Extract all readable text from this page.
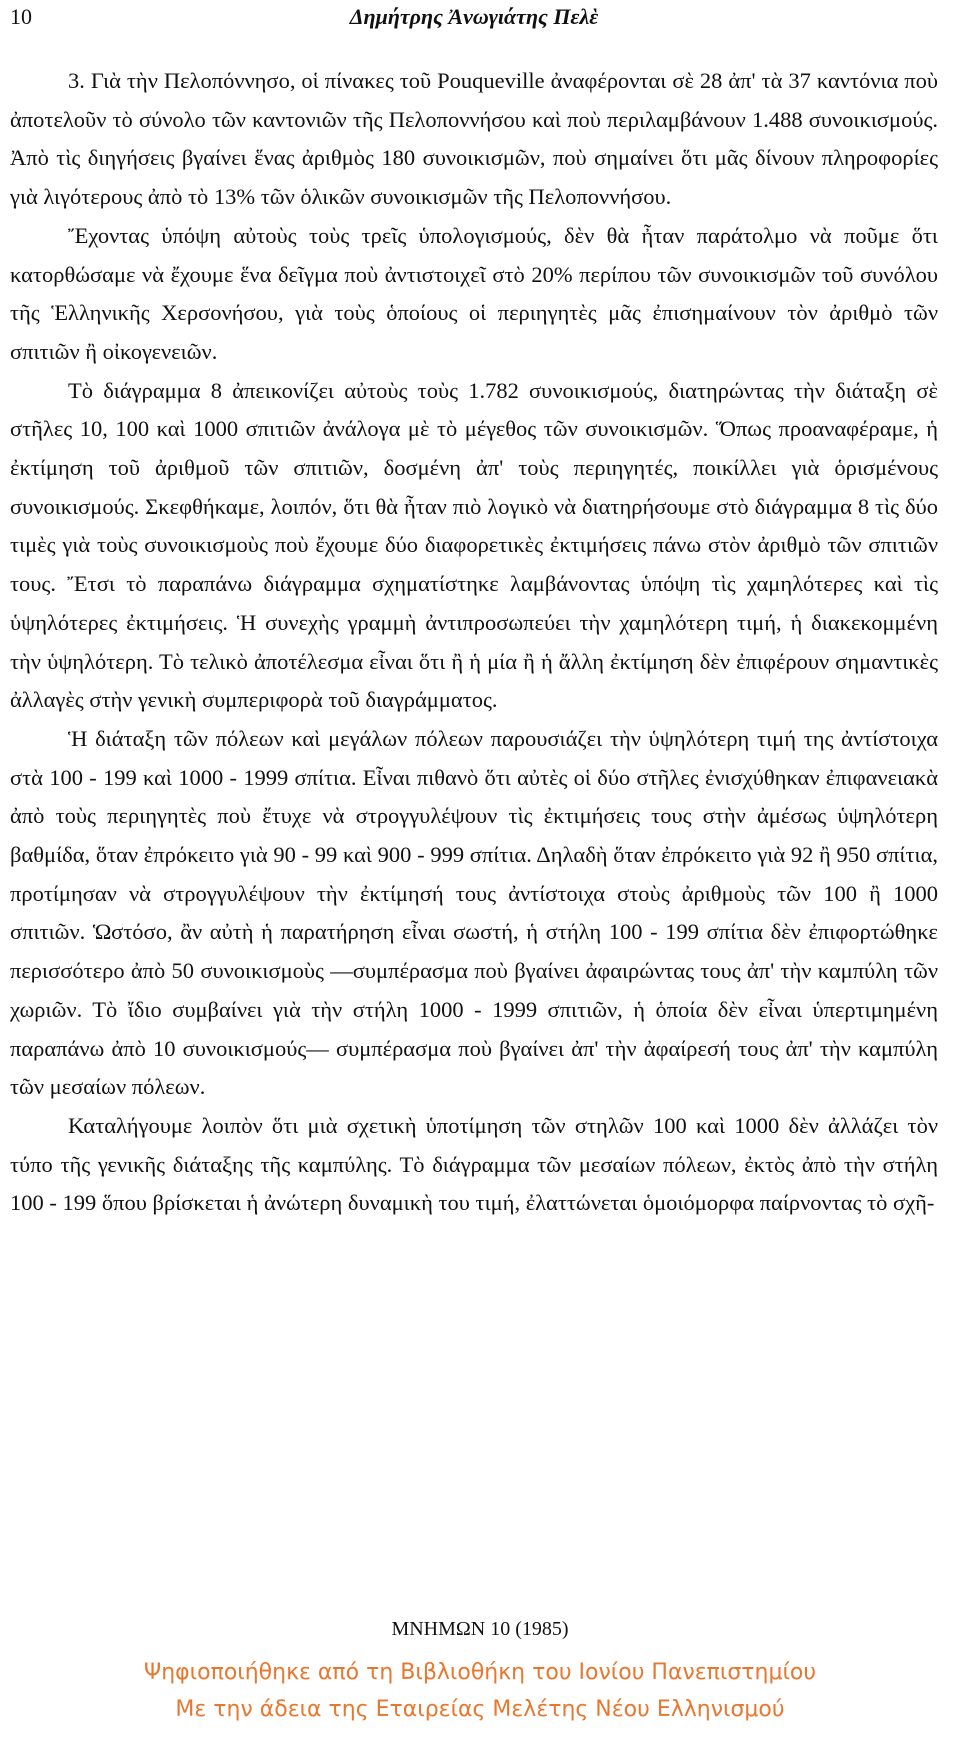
10	Δημήτρης Ἀνωγιάτης Πελὲ

3. Γιὰ τὴν Πελοπόννησο, οἱ πίνακες τοῦ Pouqueville ἀναφέρονται σὲ 28 ἀπ' τὰ 37 καντόνια ποὺ ἀποτελοῦν τὸ σύνολο τῶν καντονιῶν τῆς Πελοποννήσου καὶ ποὺ περιλαμβάνουν 1.488 συνοικισμούς. Ἀπὸ τὶς διηγήσεις βγαίνει ἕνας ἀριθμὸς 180 συνοικισμῶν, ποὺ σημαίνει ὅτι μᾶς δίνουν πληροφορίες γιὰ λιγότερους ἀπὸ τὸ 13% τῶν ὁλικῶν συνοικισμῶν τῆς Πελοποννήσου.

Ἔχοντας ὑπόψη αὐτοὺς τοὺς τρεῖς ὑπολογισμούς, δὲν θὰ ἦταν παράτολμο νὰ ποῦμε ὅτι κατορθώσαμε νὰ ἔχουμε ἕνα δεῖγμα ποὺ ἀντιστοιχεῖ στὸ 20% περίπου τῶν συνοικισμῶν τοῦ συνόλου τῆς Ἑλληνικῆς Χερσονήσου, γιὰ τοὺς ὁποίους οἱ περιηγητὲς μᾶς ἐπισημαίνουν τὸν ἀριθμὸ τῶν σπιτιῶν ἢ οἰκογενειῶν.

Τὸ διάγραμμα 8 ἀπεικονίζει αὐτοὺς τοὺς 1.782 συνοικισμούς, διατηρώντας τὴν διάταξη σὲ στῆλες 10, 100 καὶ 1000 σπιτιῶν ἀνάλογα μὲ τὸ μέγεθος τῶν συνοικισμῶν. Ὅπως προαναφέραμε, ἡ ἐκτίμηση τοῦ ἀριθμοῦ τῶν σπιτιῶν, δοσμένη ἀπ' τοὺς περιηγητές, ποικίλλει γιὰ ὁρισμένους συνοικισμούς. Σκεφθήκαμε, λοιπόν, ὅτι θὰ ἦταν πιὸ λογικὸ νὰ διατηρήσουμε στὸ διάγραμμα 8 τὶς δύο τιμὲς γιὰ τοὺς συνοικισμοὺς ποὺ ἔχουμε δύο διαφορετικὲς ἐκτιμήσεις πάνω στὸν ἀριθμὸ τῶν σπιτιῶν τους. Ἔτσι τὸ παραπάνω διάγραμμα σχηματίστηκε λαμβάνοντας ὑπόψη τὶς χαμηλότερες καὶ τὶς ὑψηλότερες ἐκτιμήσεις. Ἡ συνεχὴς γραμμὴ ἀντιπροσωπεύει τὴν χαμηλότερη τιμή, ἡ διακεκομμένη τὴν ὑψηλότερη. Τὸ τελικὸ ἀποτέλεσμα εἶναι ὅτι ἢ ἡ μία ἢ ἡ ἄλλη ἐκτίμηση δὲν ἐπιφέρουν σημαντικὲς ἀλλαγὲς στὴν γενικὴ συμπεριφορὰ τοῦ διαγράμματος.

Ἡ διάταξη τῶν πόλεων καὶ μεγάλων πόλεων παρουσιάζει τὴν ὑψηλότερη τιμή της ἀντίστοιχα στὰ 100 - 199 καὶ 1000 - 1999 σπίτια. Εἶναι πιθανὸ ὅτι αὐτὲς οἱ δύο στῆλες ἐνισχύθηκαν ἐπιφανειακὰ ἀπὸ τοὺς περιηγητὲς ποὺ ἔτυχε νὰ στρογγυλέψουν τὶς ἐκτιμήσεις τους στὴν ἀμέσως ὑψηλότερη βαθμίδα, ὅταν ἐπρόκειτο γιὰ 90 - 99 καὶ 900 - 999 σπίτια. Δηλαδὴ ὅταν ἐπρόκειτο γιὰ 92 ἢ 950 σπίτια, προτίμησαν νὰ στρογγυλέψουν τὴν ἐκτίμησή τους ἀντίστοιχα στοὺς ἀριθμοὺς τῶν 100 ἢ 1000 σπιτιῶν. Ὡστόσο, ἂν αὐτὴ ἡ παρατήρηση εἶναι σωστή, ἡ στήλη 100 - 199 σπίτια δὲν ἐπιφορτώθηκε περισσότερο ἀπὸ 50 συνοικισμοὺς —συμπέρασμα ποὺ βγαίνει ἀφαιρώντας τους ἀπ' τὴν καμπύλη τῶν χωριῶν. Τὸ ἴδιο συμβαίνει γιὰ τὴν στήλη 1000 - 1999 σπιτιῶν, ἡ ὁποία δὲν εἶναι ὑπερτιμημένη παραπάνω ἀπὸ 10 συνοικισμούς— συμπέρασμα ποὺ βγαίνει ἀπ' τὴν ἀφαίρεσή τους ἀπ' τὴν καμπύλη τῶν μεσαίων πόλεων.

Καταλήγουμε λοιπὸν ὅτι μιὰ σχετικὴ ὑποτίμηση τῶν στηλῶν 100 καὶ 1000 δὲν ἀλλάζει τὸν τύπο τῆς γενικῆς διάταξης τῆς καμπύλης. Τὸ διάγραμμα τῶν μεσαίων πόλεων, ἐκτὸς ἀπὸ τὴν στήλη 100 - 199 ὅπου βρίσκεται ἡ ἀνώτερη δυναμικὴ του τιμή, ἐλαττώνεται ὁμοιόμορφα παίρνοντας τὸ σχῆ-

ΜΝΗΜΩΝ 10 (1985)
Ψηφιοποιήθηκε από τη Βιβλιοθήκη του Ιονίου Πανεπιστημίου
Με την άδεια της Εταιρείας Μελέτης Νέου Ελληνισμού
